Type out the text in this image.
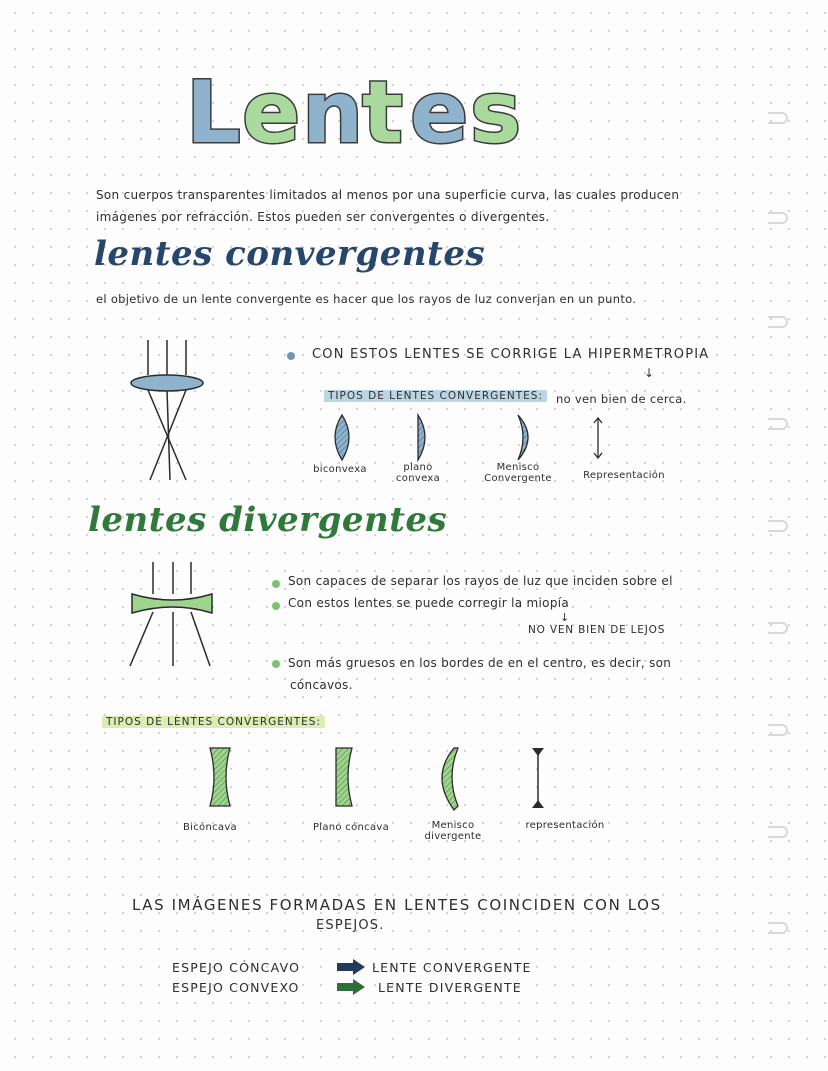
L e n
t e s
Son cuerpos transparentes limitados al menos por una superficie curva, las cuales producen
imágenes por refracción. Estos pueden ser convergentes o divergentes.
lentes convergentes
el objetivo de un lente convergente es hacer que los rayos de luz converjan en un punto.
CON ESTOS LENTES SE CORRIGE LA HIPERMETROPIA
↓
no ven bien de cerca.
TIPOS DE LENTES CONVERGENTES:
biconvexa	plano
convexa
Menisco
Convergente	Representación
lentes divergentes
Son capaces de separar los rayos de luz que inciden sobre el
Con estos lentes se puede corregir la miopía
↓
NO VEN BIEN DE LEJOS
Son más gruesos en los bordes de en el centro, es decir, son
cóncavos.
TIPOS DE LENTES CONVERGENTES:
Bicóncava	Plano cóncava	Menisco
divergente
representación
LAS IMÁGENES FORMADAS EN LENTES COINCIDEN CON LOS
ESPEJOS.
ESPEJO CÓNCAVO	LENTE CONVERGENTE
ESPEJO CONVEXO	LENTE DIVERGENTE
